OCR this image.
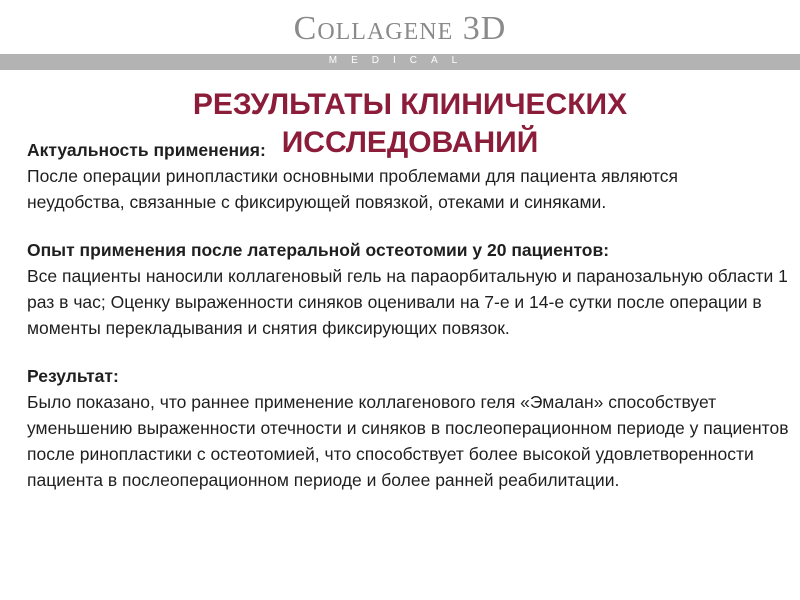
Collagene 3D
MEDICAL
РЕЗУЛЬТАТЫ КЛИНИЧЕСКИХ ИССЛЕДОВАНИЙ

Актуальность применения:

После операции ринопластики основными проблемами для пациента являются

неудобства, связанные с фиксирующей повязкой, отеками и синяками.

Опыт применения после латеральной остеотомии у 20 пациентов:

Все пациенты наносили коллагеновый гель на параорбитальную и паранозальную области 1 раз в час; Оценку выраженности синяков оценивали на 7-е и 14-е сутки после операции в моменты перекладывания и снятия фиксирующих повязок.

Результат:

Было показано, что раннее применение коллагенового геля «Эмалан» способствует уменьшению выраженности отечности и синяков в послеоперационном периоде у пациентов после ринопластики с остеотомией, что способствует более высокой удовлетворенности пациента в послеоперационном периоде и более ранней реабилитации.
